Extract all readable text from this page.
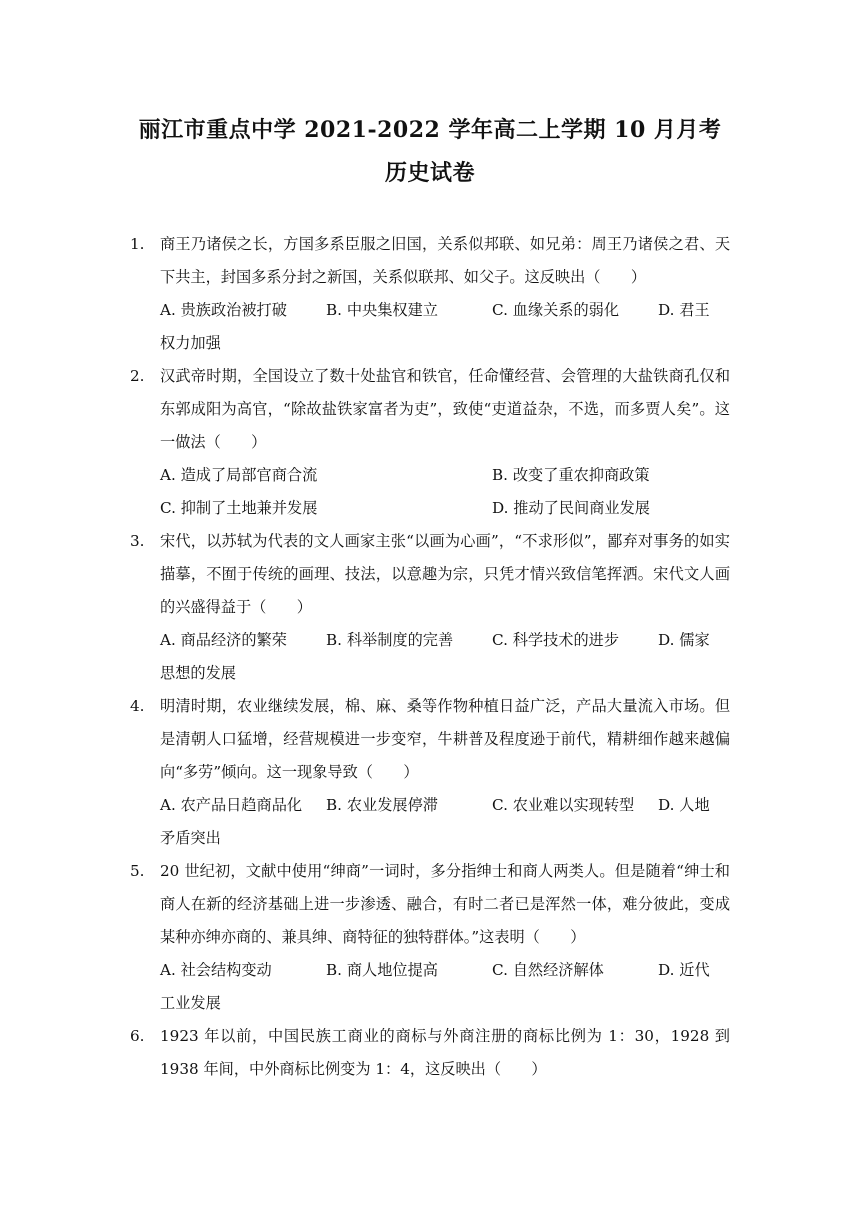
丽江市重点中学 2021-2022 学年高二上学期 10 月月考
历史试卷
1. 商王乃诸侯之长，方国多系臣服之旧国，关系似邦联、如兄弟：周王乃诸侯之君、天下共主，封国多系分封之新国，关系似联邦、如父子。这反映出（　　）
A. 贵族政治被打破	B. 中央集权建立	C. 血缘关系的弱化	D. 君王
权力加强
2. 汉武帝时期，全国设立了数十处盐官和铁官，任命懂经营、会管理的大盐铁商孔仅和东郭成阳为高官，“除故盐铁家富者为吏”，致使“吏道益杂，不选，而多贾人矣”。这一做法（　　）
A. 造成了局部官商合流	B. 改变了重农抑商政策
C. 抑制了土地兼并发展	D. 推动了民间商业发展
3. 宋代，以苏轼为代表的文人画家主张“以画为心画”，“不求形似”，鄙弃对事务的如实描摹，不囿于传统的画理、技法，以意趣为宗，只凭才情兴致信笔挥洒。宋代文人画的兴盛得益于（　　）
A. 商品经济的繁荣	B. 科举制度的完善	C. 科学技术的进步	D. 儒家
思想的发展
4. 明清时期，农业继续发展，棉、麻、桑等作物种植日益广泛，产品大量流入市场。但是清朝人口猛增，经营规模进一步变窄，牛耕普及程度逊于前代，精耕细作越来越偏向“多劳”倾向。这一现象导致（　　）
A. 农产品日趋商品化 B. 农业发展停滞	C. 农业难以实现转型 D. 人地
矛盾突出
5. 20 世纪初，文献中使用“绅商”一词时，多分指绅士和商人两类人。但是随着“绅士和商人在新的经济基础上进一步渗透、融合，有时二者已是浑然一体，难分彼此，变成某种亦绅亦商的、兼具绅、商特征的独特群体。”这表明（　　）
A. 社会结构变动	B. 商人地位提高	C. 自然经济解体	D. 近代
工业发展
6. 1923 年以前，中国民族工商业的商标与外商注册的商标比例为 1：30，1928 到 1938 年间，中外商标比例变为 1：4，这反映出（　　）
